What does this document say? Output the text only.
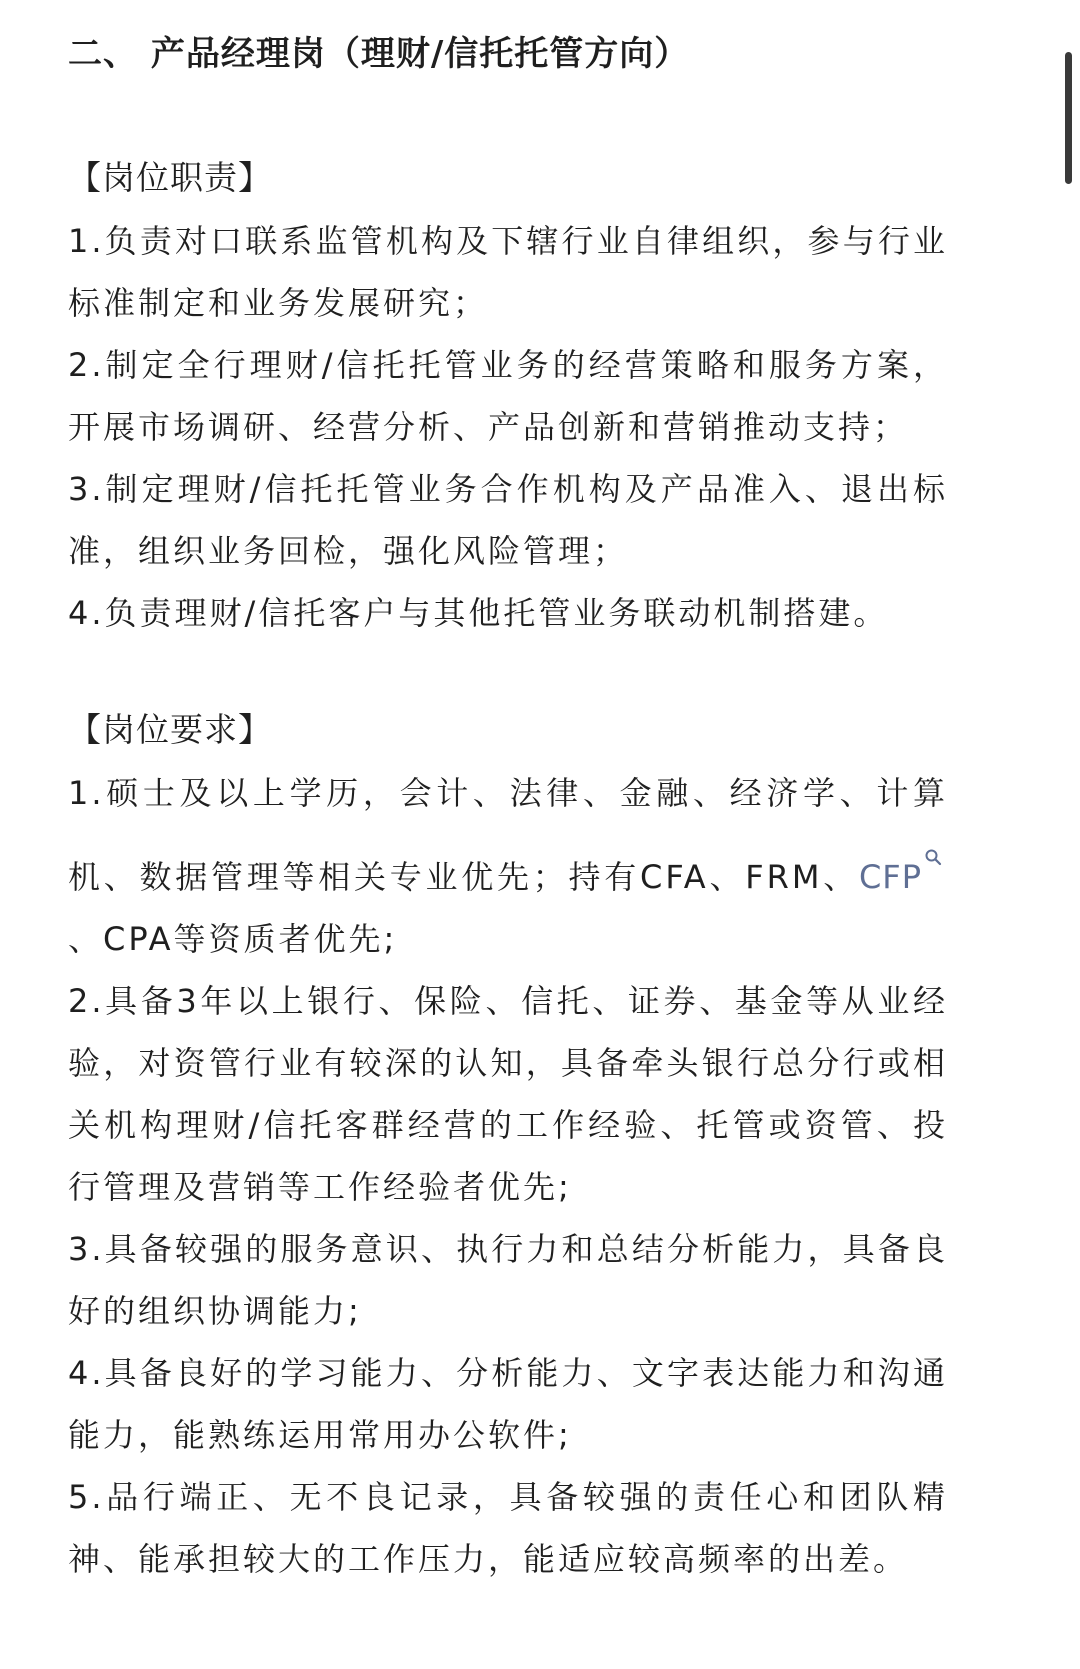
二、 产品经理岗（理财/信托托管方向）
【岗位职责】
1.负责对口联系监管机构及下辖行业自律组织，参与行业标准制定和业务发展研究；
2.制定全行理财/信托托管业务的经营策略和服务方案，开展市场调研、经营分析、产品创新和营销推动支持；
3.制定理财/信托托管业务合作机构及产品准入、退出标准，组织业务回检，强化风险管理；
4.负责理财/信托客户与其他托管业务联动机制搭建。
【岗位要求】
1.硕士及以上学历，会计、法律、金融、经济学、计算机、数据管理等相关专业优先；持有CFA、FRM、CFP、CPA等资质者优先;
2.具备3年以上银行、保险、信托、证券、基金等从业经验，对资管行业有较深的认知，具备牵头银行总分行或相关机构理财/信托客群经营的工作经验、托管或资管、投行管理及营销等工作经验者优先;
3.具备较强的服务意识、执行力和总结分析能力，具备良好的组织协调能力;
4.具备良好的学习能力、分析能力、文字表达能力和沟通能力，能熟练运用常用办公软件;
5.品行端正、无不良记录，具备较强的责任心和团队精神、能承担较大的工作压力，能适应较高频率的出差。
